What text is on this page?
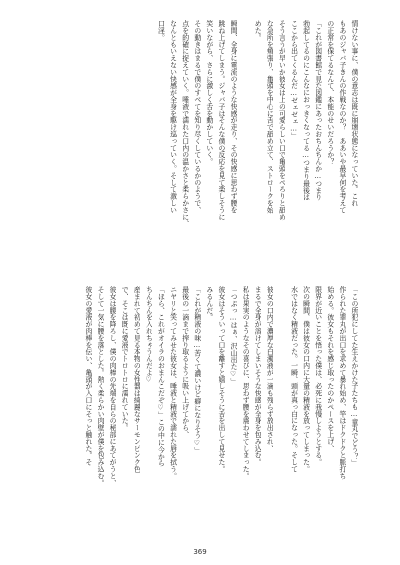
情けない事に、僕の意志は既に崩壊状態になっていた。これ
もあのジャバ子きんの作戦なのか？　ああいや最早何を考えて
の正常を保てるなんて、本能のせいだろうか？
「これが図書館で見た図鑑にあったおちんちんか…つまり
勃起してるのにこんなにおっきくなってる…つまり最後は
ここから出てくるんだ…ゼェゼェ…」
そう言うが早いか彼女は上の可愛らしい口で亀頭をぺろりと舐め
な急所を頬張り、亀頭を中心に舌で舐め立て、ストロークを始
めた。
瞬間、全身に電流のような快感が走り、その快感に思わず腰を
跳ね上げてしまう。ジャバ子はそんな僕の反応を見て楽しそうに
笑いながら、さらに激しく舌を動かしていく。
その動きはまるで僕のすべてを知り尽くしているかのようで、
点を的確に捉えていく。唾液で濡れた口内の温かさと柔らかさに、
なんともいえない快感が全身を駆け巡っていく。そして激しい
口淫。
「この所犯にしてた生えかけた子たちも…童丸でどう？」
作られた睾丸が出口を求めて暴れ始め、竿はドクドクと脈打ち
始める。彼女もそれを感じ取ったのかペースを上げ、
限界が近いことを悟った僕は、必死に我慢しようとする。
次の瞬間、僕は彼女の口内に大量の精液を放ってしまった。
水ではなく精液だった。一瞬、頭が真っ白になった。そして
彼女の口内で濃厚な白濁液が一滴も残らず放出され、
まるで全身が溶けてしまいそうな快感が全身を包み込む。
私は果実のようなその喜びに、思わず腰を震わせてしまった。
「つぷっ…はぁ、沢山出た♡」
彼女はそういって口を離すと嬉しそうに舌を出して見せた。
みるんだ。
「これが精液の味…苦くて濃いけど癖になりそう♡」
最後の一滴まで搾り取るように吸い上げてから、
ニヤリと笑ってみせた彼女は、唾液と精液で濡れた唇を拭う。
「ほら、これがオイラのおまんこだぞ♡」この中に今から
ちんちんを入れちゃうんだよ♡
産まれて初めて見る本物の女性器は綺麗なサーモンピンク色
で、そこは既に愛液でトロトロに濡れていた。
彼女は腰を降ろし、僕の肉棒の先端を自らの秘部にあてがうと、
そして一気に腰を落とした。熱く柔らかい肉壁が僕を包み込む。
彼女の愛液が肉棒を伝い、亀頭が入口にそっと触れた。そ
369
